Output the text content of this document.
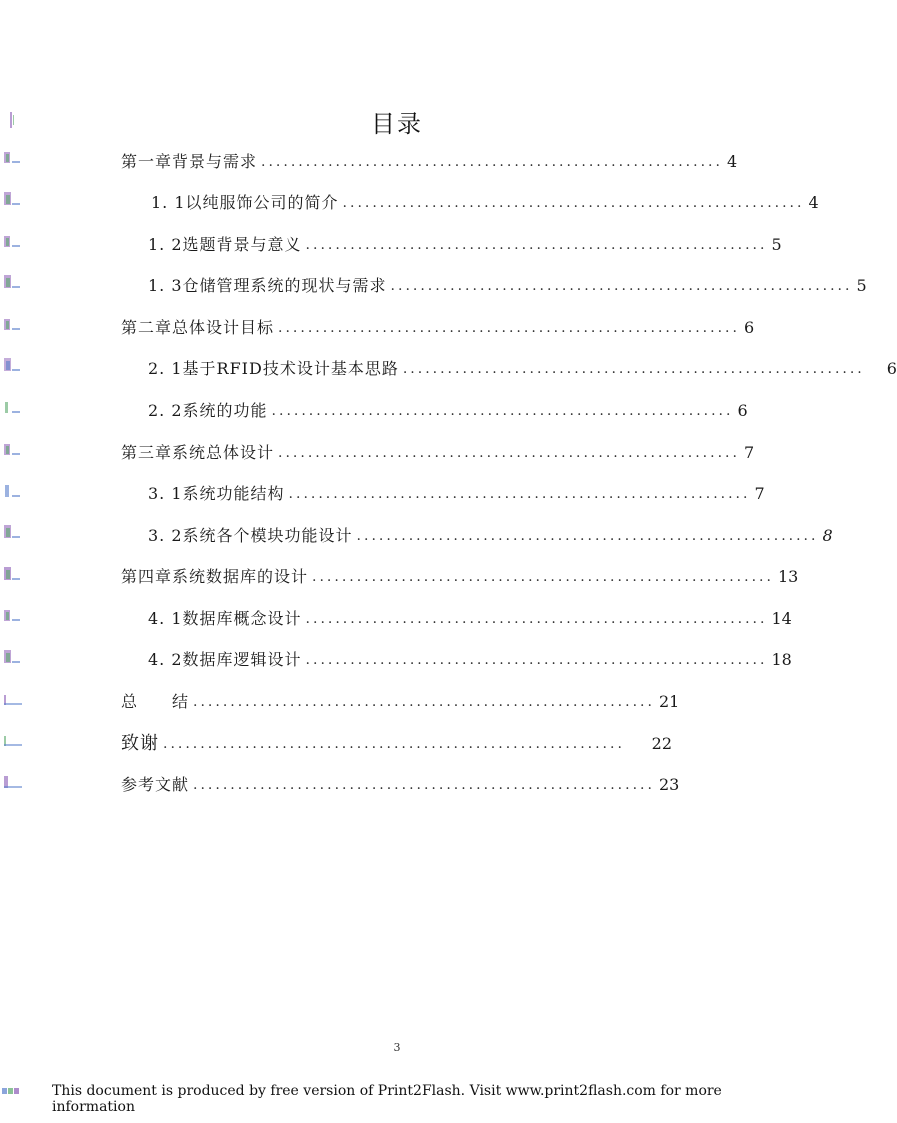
目录
第一章背景与需求 .............................................................. 4
1. 1以纯服饰公司的简介 .............................................................. 4
1. 2选题背景与意义 .............................................................. 5
1. 3仓储管理系统的现状与需求 .............................................................. 5
第二章总体设计目标 .............................................................. 6
2. 1基于RFID技术设计基本思路 .............................................................. 6
2. 2系统的功能 .............................................................. 6
第三章系统总体设计 .............................................................. 7
3. 1系统功能结构 .............................................................. 7
3. 2系统各个模块功能设计 .............................................................. 8
第四章系统数据库的设计 .............................................................. 13
4. 1数据库概念设计 .............................................................. 14
4. 2数据库逻辑设计 .............................................................. 18
总　　结 .............................................................. 21
致谢 ..............................................................	22
参考文献 .............................................................. 23
3
This document is produced by free version of Print2Flash. Visit www.print2flash.com for more information
